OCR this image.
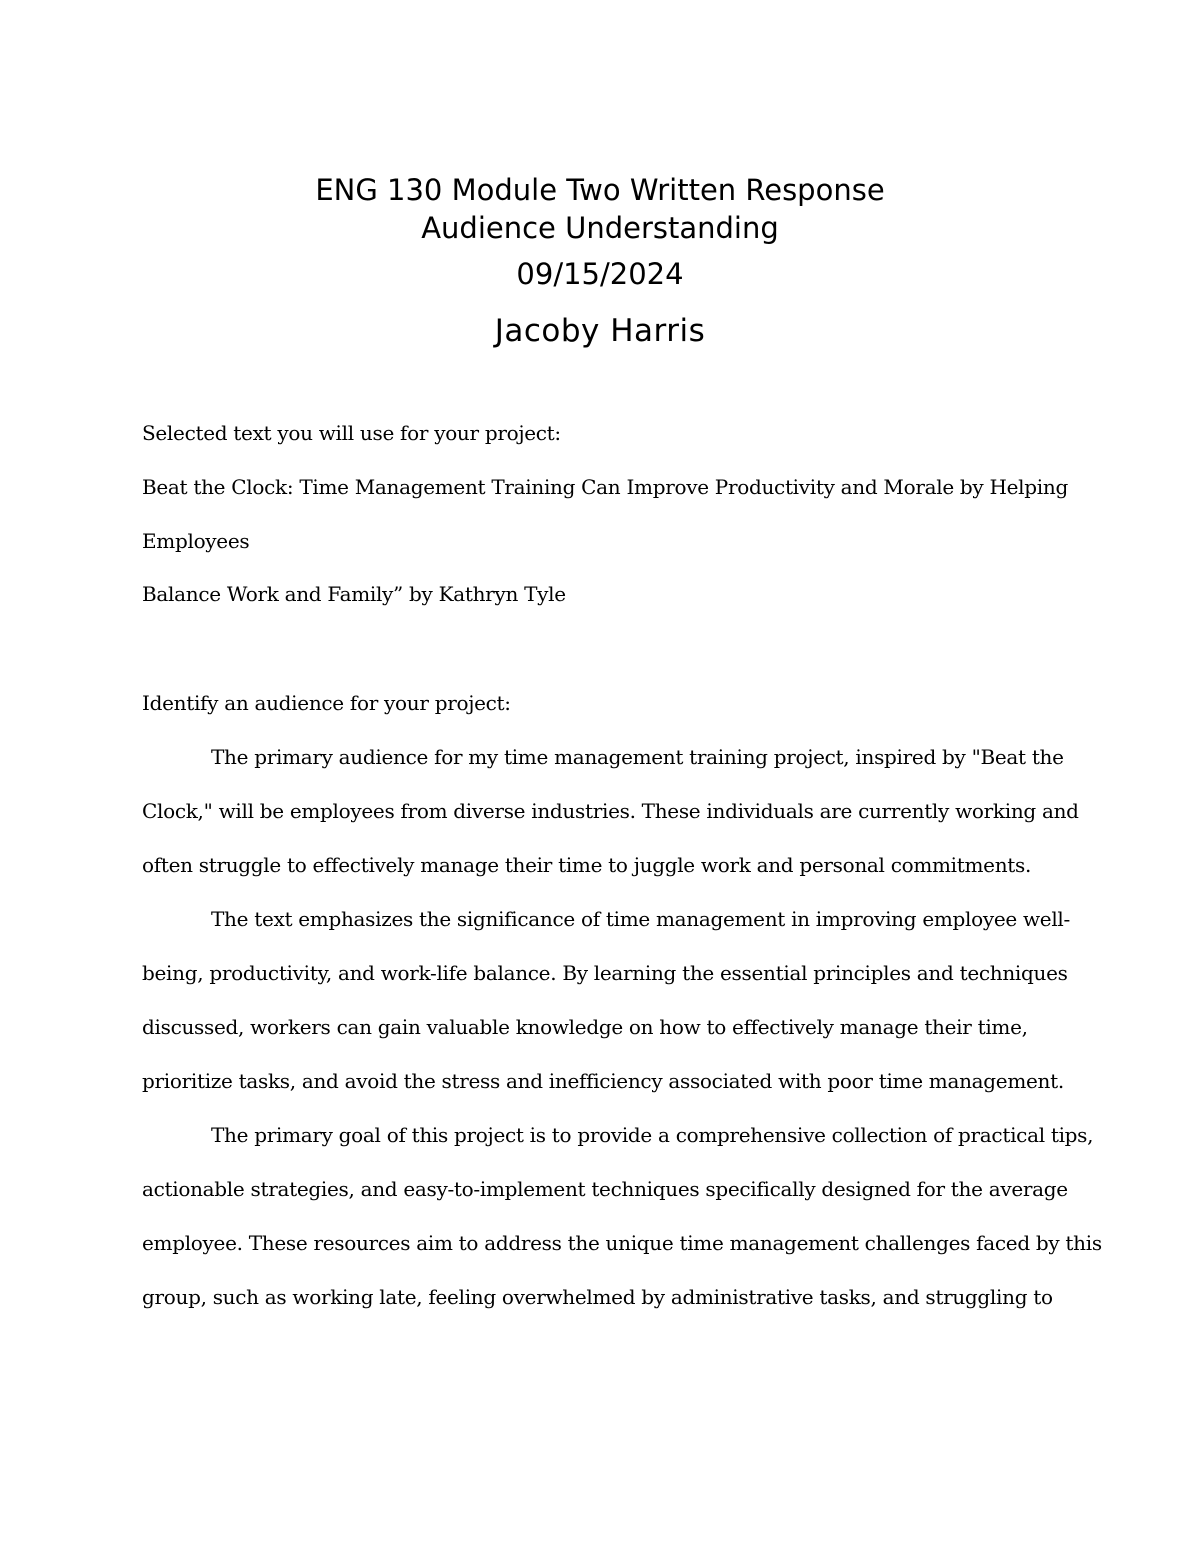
ENG 130 Module Two Written Response

Audience Understanding

09/15/2024

Jacoby Harris

Selected text you will use for your project:

Beat the Clock: Time Management Training Can Improve Productivity and Morale by Helping

Employees

Balance Work and Family” by Kathryn Tyle

Identify an audience for your project:

The primary audience for my time management training project, inspired by "Beat the

Clock," will be employees from diverse industries. These individuals are currently working and

often struggle to effectively manage their time to juggle work and personal commitments.

The text emphasizes the significance of time management in improving employee well-

being, productivity, and work-life balance. By learning the essential principles and techniques

discussed, workers can gain valuable knowledge on how to effectively manage their time,

prioritize tasks, and avoid the stress and inefficiency associated with poor time management.

The primary goal of this project is to provide a comprehensive collection of practical tips,

actionable strategies, and easy-to-implement techniques specifically designed for the average

employee. These resources aim to address the unique time management challenges faced by this

group, such as working late, feeling overwhelmed by administrative tasks, and struggling to
